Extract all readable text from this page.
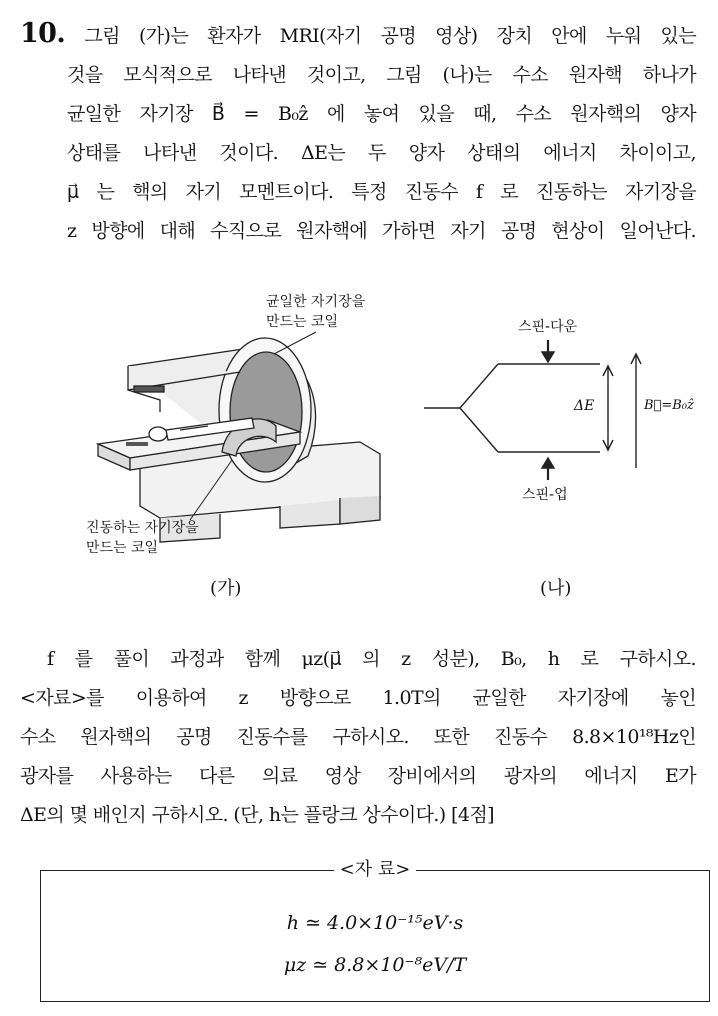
10. 그림 (가)는 환자가 MRI(자기 공명 영상) 장치 안에 누워 있는
것을 모식적으로 나타낸 것이고, 그림 (나)는 수소 원자핵 하나가
균일한 자기장 B⃗ = B₀ẑ 에 놓여 있을 때, 수소 원자핵의 양자
상태를 나타낸 것이다. ΔE는 두 양자 상태의 에너지 차이이고,
μ⃗ 는 핵의 자기 모멘트이다. 특정 진동수 f 로 진동하는 자기장을
z 방향에 대해 수직으로 원자핵에 가하면 자기 공명 현상이 일어난다.
균일한 자기장을
만드는 코일
진동하는 자기장을
만드는 코일
(가)
스핀-다운
스핀-업
ΔE	B⃗=B₀ẑ
(나)
f 를 풀이 과정과 함께 μz(μ⃗ 의 z 성분), B₀, h 로 구하시오.
<자료>를 이용하여 z 방향으로 1.0T의 균일한 자기장에 놓인
수소 원자핵의 공명 진동수를 구하시오. 또한 진동수 8.8×10¹⁸Hz인
광자를 사용하는 다른 의료 영상 장비에서의 광자의 에너지 E가
ΔE의 몇 배인지 구하시오. (단, h는 플랑크 상수이다.) [4점]
<자 료>
h ≃ 4.0×10⁻¹⁵eV·s
μz ≃ 8.8×10⁻⁸eV/T
